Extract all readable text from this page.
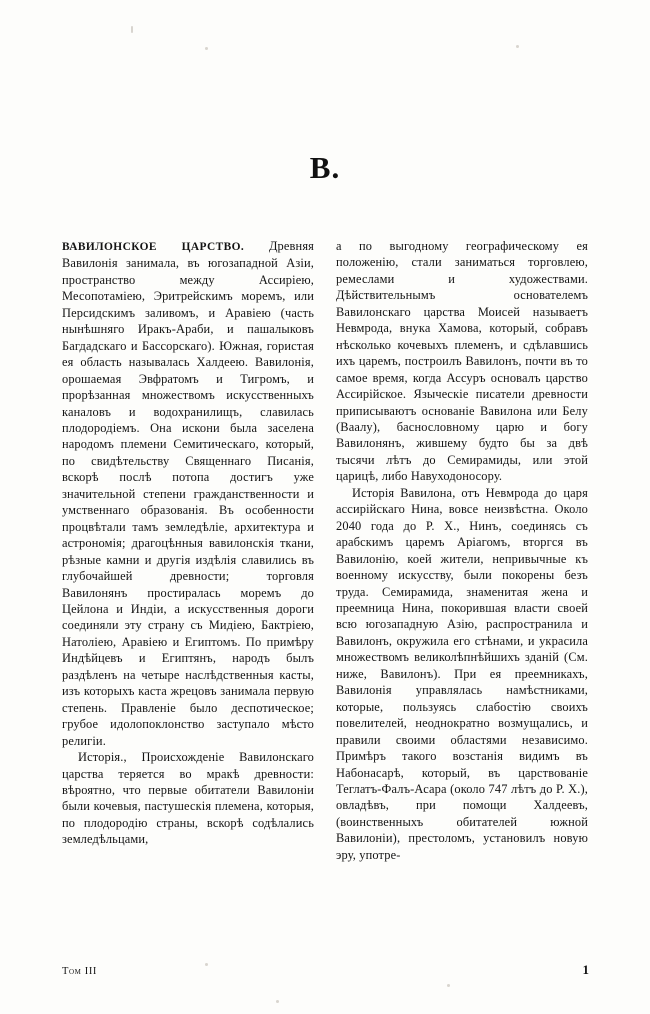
B.

ВАВИЛОНСКОЕ ЦАРСТВО. Древняя Вавилонія занимала, въ югозападной Азіи, пространство между Ассиріею, Месопотаміею, Эритрейскимъ моремъ, или Персидскимъ заливомъ, и Аравіею (часть нынѣшняго Иракъ-Араби, и пашалыковъ Багдадскаго и Бассорскаго). Южная, гористая ея область называлась Халдеею. Вавилонія, орошаемая Эвфратомъ и Тигромъ, и прорѣзанная множествомъ искусственныхъ каналовъ и водохранилищъ, славилась плодородіемъ. Она искони была заселена народомъ племени Семитическаго, который, по свидѣтельству Священнаго Писанія, вскорѣ послѣ потопа достигъ уже значительной степени гражданственности и умственнаго образованія. Въ особенности процвѣтали тамъ земледѣліе, архитектура и астрономія; драгоцѣнныя вавилонскія ткани, рѣзные камни и другія издѣлія славились въ глубочайшей древности; торговля Вавилонянъ простиралась моремъ до Цейлона и Индіи, а искусственныя дороги соединяли эту страну съ Мидіею, Бактріею, Натоліею, Аравіею и Египтомъ. По примѣру Индѣйцевъ и Египтянъ, народъ былъ раздѣленъ на четыре наслѣдственныя касты, изъ которыхъ каста жрецовъ занимала первую степень. Правленіе было деспотическое; грубое идолопоклонство заступало мѣсто религіи.

Исторія., Происхожденіе Вавилонскаго царства теряется во мракѣ древности: вѣроятно, что первые обитатели Вавилоніи были кочевыя, пастушескія племена, которыя, по плодородію страны, вскорѣ содѣлались земледѣльцами,

а по выгодному географическому ея положенію, стали заниматься торговлею, ремеслами и художествами. Дѣйствительнымъ основателемъ Вавилонскаго царства Моисей называетъ Невмрода, внука Хамова, который, собравъ нѣсколько кочевыхъ племенъ, и сдѣлавшись ихъ царемъ, построилъ Вавилонъ, почти въ то самое время, когда Ассуръ основалъ царство Ассирійское. Язычеcкіе писатели древности приписываютъ основаніе Вавилона или Белу (Ваалу), баснословному царю и богу Вавилонянъ, жившему будто бы за двѣ тысячи лѣтъ до Семирамиды, или этой царицѣ, либо Навуходоносору.

Исторія Вавилона, отъ Невмрода до царя ассирійскаго Нина, вовсе неизвѣстна. Около 2040 года до Р. Х., Нинъ, соединясь съ арабскимъ царемъ Аріагомъ, вторгся въ Вавилонію, коей жители, непривычные къ военному искусству, были покорены безъ труда. Семирамида, знаменитая жена и преемница Нина, покорившая власти своей всю югозападную Азію, распространила и Вавилонъ, окружила его стѣнами, и украсила множествомъ великолѣпнѣйшихъ зданій (См. ниже, Вавилонъ). При ея преемникахъ, Вавилонія управлялась намѣстниками, которые, пользуясь слабостію своихъ повелителей, неоднократно возмущались, и правили своими областями независимо. Примѣръ такого возстанія видимъ въ Набонасарѣ, который, въ царствованіе Теглатъ-Фалъ-Асара (около 747 лѣтъ до Р. Х.), овладѣвъ, при помощи Халдеевъ, (воинственныхъ обитателей южной Вавилоніи), престоломъ, установилъ новую эру, употре-

Том III	1
